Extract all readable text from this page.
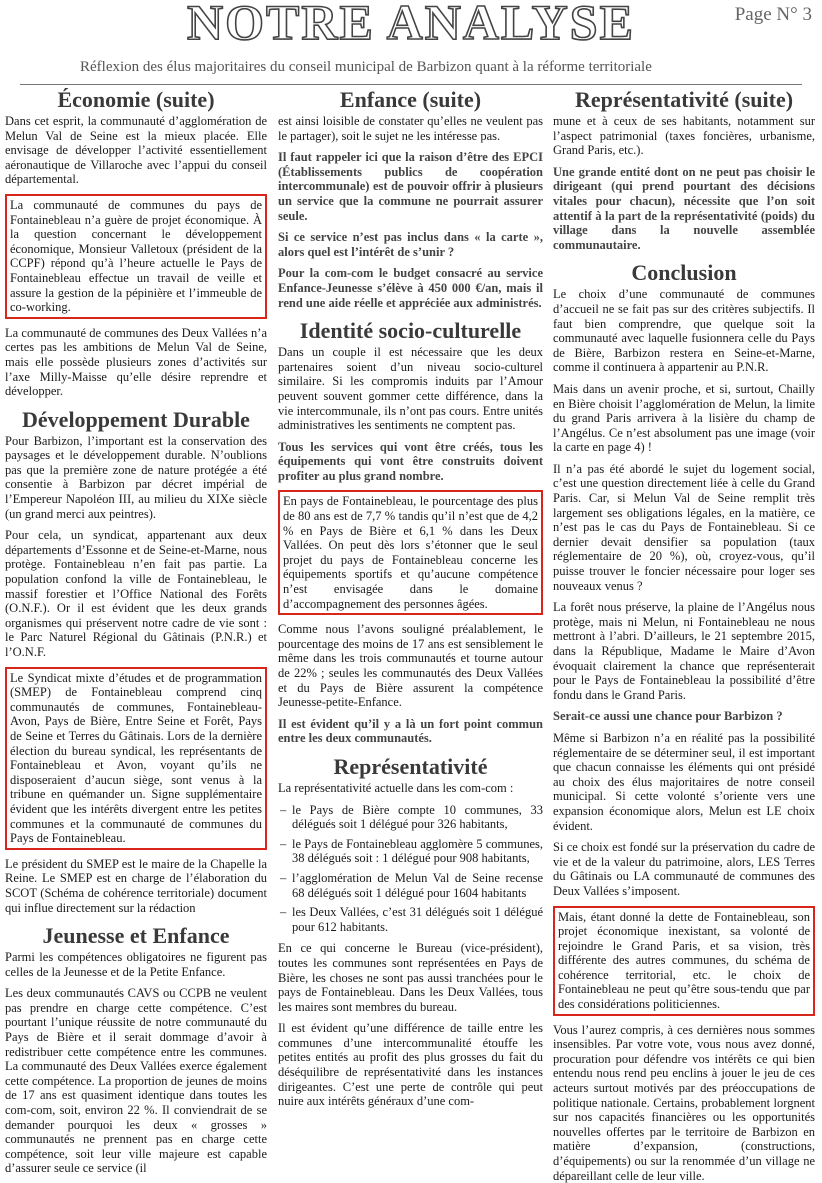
NOTRE ANALYSE	Page N° 3
Réflexion des élus majoritaires du conseil municipal de Barbizon quant à la réforme territoriale
Économie (suite)

Dans cet esprit, la communauté d’agglomération de Melun Val de Seine est la mieux placée. Elle envisage de développer l’activité essentiellement aéronautique de Villaroche avec l’appui du conseil départemental.

La communauté de communes du pays de Fontainebleau n’a guère de projet économique. À la question concernant le développement économique, Monsieur Valletoux (président de la CCPF) répond qu’à l’heure actuelle le Pays de Fontainebleau effectue un travail de veille et assure la gestion de la pépinière et l’immeuble de co-working.

La communauté de communes des Deux Vallées n’a certes pas les ambitions de Melun Val de Seine, mais elle possède plusieurs zones d’activités sur l’axe Milly-Maisse qu’elle désire reprendre et développer.

Développement Durable

Pour Barbizon, l’important est la conservation des paysages et le développement durable. N’oublions pas que la première zone de nature protégée a été consentie à Barbizon par décret impérial de l’Empereur Napoléon III, au milieu du XIXe siècle (un grand merci aux peintres).

Pour cela, un syndicat, appartenant aux deux départements d’Essonne et de Seine-et-Marne, nous protège. Fontainebleau n’en fait pas partie. La population confond la ville de Fontainebleau, le massif forestier et l’Office National des Forêts (O.N.F.). Or il est évident que les deux grands organismes qui préservent notre cadre de vie sont : le Parc Naturel Régional du Gâtinais (P.N.R.) et l’O.N.F.

Le Syndicat mixte d’études et de programmation (SMEP) de Fontainebleau comprend cinq communautés de communes, Fontainebleau-Avon, Pays de Bière, Entre Seine et Forêt, Pays de Seine et Terres du Gâtinais. Lors de la dernière élection du bureau syndical, les représentants de Fontainebleau et Avon, voyant qu’ils ne disposeraient d’aucun siège, sont venus à la tribune en quémander un. Signe supplémentaire évident que les intérêts divergent entre les petites communes et la communauté de communes du Pays de Fontainebleau.

Le président du SMEP est le maire de la Chapelle la Reine. Le SMEP est en charge de l’élaboration du SCOT (Schéma de cohérence territoriale) document qui influe directement sur la rédaction

Jeunesse et Enfance

Parmi les compétences obligatoires ne figurent pas celles de la Jeunesse et de la Petite Enfance.

Les deux communautés CAVS ou CCPB ne veulent pas prendre en charge cette compétence. C’est pourtant l’unique réussite de notre communauté du Pays de Bière et il serait dommage d’avoir à redistribuer cette compétence entre les communes. La communauté des Deux Vallées exerce également cette compétence. La proportion de jeunes de moins de 17 ans est quasiment identique dans toutes les com-com, soit, environ 22 %. Il conviendrait de se demander pourquoi les deux « grosses » communautés ne prennent pas en charge cette compétence, soit leur ville majeure est capable d’assurer seule ce service (il

Enfance (suite)

est ainsi loisible de constater qu’elles ne veulent pas le partager), soit le sujet ne les intéresse pas.

Il faut rappeler ici que la raison d’être des EPCI (Établissements publics de coopération intercommunale) est de pouvoir offrir à plusieurs un service que la commune ne pourrait assurer seule.

Si ce service n’est pas inclus dans « la carte », alors quel est l’intérêt de s’unir ?

Pour la com-com le budget consacré au service Enfance-Jeunesse s’élève à 450 000 €/an, mais il rend une aide réelle et appréciée aux administrés.

Identité socio-culturelle

Dans un couple il est nécessaire que les deux partenaires soient d’un niveau socio-culturel similaire. Si les compromis induits par l’Amour peuvent souvent gommer cette différence, dans la vie intercommunale, ils n’ont pas cours. Entre unités administratives les sentiments ne comptent pas.

Tous les services qui vont être créés, tous les équipements qui vont être construits doivent profiter au plus grand nombre.

En pays de Fontainebleau, le pourcentage des plus de 80 ans est de 7,7 % tandis qu’il n’est que de 4,2 % en Pays de Bière et 6,1 % dans les Deux Vallées. On peut dès lors s’étonner que le seul projet du pays de Fontainebleau concerne les équipements sportifs et qu’aucune compétence n’est envisagée dans le domaine d’accompagnement des personnes âgées.

Comme nous l’avons souligné préalablement, le pourcentage des moins de 17 ans est sensiblement le même dans les trois communautés et tourne autour de 22% ; seules les communautés des Deux Vallées et du Pays de Bière assurent la compétence Jeunesse-petite-Enfance.

Il est évident qu’il y a là un fort point commun entre les deux communautés.

Représentativité

La représentativité actuelle dans les com-com :

– le Pays de Bière compte 10 communes, 33 délégués soit 1 délégué pour 326 habitants,
– le Pays de Fontainebleau agglomère 5 communes, 38 délégués soit : 1 délégué pour 908 habitants,
– l’agglomération de Melun Val de Seine recense 68 délégués soit 1 délégué pour 1604 habitants
– les Deux Vallées, c’est 31 délégués soit 1 délégué pour 612 habitants.

En ce qui concerne le Bureau (vice-président), toutes les communes sont représentées en Pays de Bière, les choses ne sont pas aussi tranchées pour le pays de Fontainebleau. Dans les Deux Vallées, tous les maires sont membres du bureau.

Il est évident qu’une différence de taille entre les communes d’une intercommunalité étouffe les petites entités au profit des plus grosses du fait du déséquilibre de représentativité dans les instances dirigeantes. C’est une perte de contrôle qui peut nuire aux intérêts généraux d’une com-

Représentativité (suite)

mune et à ceux de ses habitants, notamment sur l’aspect patrimonial (taxes foncières, urbanisme, Grand Paris, etc.).

Une grande entité dont on ne peut pas choisir le dirigeant (qui prend pourtant des décisions vitales pour chacun), nécessite que l’on soit attentif à la part de la représentativité (poids) du village dans la nouvelle assemblée communautaire.

Conclusion

Le choix d’une communauté de communes d’accueil ne se fait pas sur des critères subjectifs. Il faut bien comprendre, que quelque soit la communauté avec laquelle fusionnera celle du Pays de Bière, Barbizon restera en Seine-et-Marne, comme il continuera à appartenir au P.N.R.

Mais dans un avenir proche, et si, surtout, Chailly en Bière choisit l’agglomération de Melun, la limite du grand Paris arrivera à la lisière du champ de l’Angélus. Ce n’est absolument pas une image (voir la carte en page 4) !

Il n’a pas été abordé le sujet du logement social, c’est une question directement liée à celle du Grand Paris. Car, si Melun Val de Seine remplit très largement ses obligations légales, en la matière, ce n’est pas le cas du Pays de Fontainebleau. Si ce dernier devait densifier sa population (taux réglementaire de 20 %), où, croyez-vous, qu’il puisse trouver le foncier nécessaire pour loger ses nouveaux venus ?

La forêt nous préserve, la plaine de l’Angélus nous protège, mais ni Melun, ni Fontainebleau ne nous mettront à l’abri. D’ailleurs, le 21 septembre 2015, dans la République, Madame le Maire d’Avon évoquait clairement la chance que représenterait pour le Pays de Fontainebleau la possibilité d’être fondu dans le Grand Paris.

Serait-ce aussi une chance pour Barbizon ?

Même si Barbizon n’a en réalité pas la possibilité réglementaire de se déterminer seul, il est important que chacun connaisse les éléments qui ont présidé au choix des élus majoritaires de notre conseil municipal. Si cette volonté s’oriente vers une expansion économique alors, Melun est LE choix évident.

Si ce choix est fondé sur la préservation du cadre de vie et de la valeur du patrimoine, alors, LES Terres du Gâtinais ou LA communauté de communes des Deux Vallées s’imposent.

Mais, étant donné la dette de Fontainebleau, son projet économique inexistant, sa volonté de rejoindre le Grand Paris, et sa vision, très différente des autres communes, du schéma de cohérence territorial, etc. le choix de Fontainebleau ne peut qu’être sous-tendu que par des considérations politiciennes.

Vous l’aurez compris, à ces dernières nous sommes insensibles. Par votre vote, vous nous avez donné, procuration pour défendre vos intérêts ce qui bien entendu nous rend peu enclins à jouer le jeu de ces acteurs surtout motivés par des préoccupations de politique nationale. Certains, probablement lorgnent sur nos capacités financières ou les opportunités nouvelles offertes par le territoire de Barbizon en matière d’expansion, (constructions, d’équipements) ou sur la renommée d’un village ne dépareillant celle de leur ville.
